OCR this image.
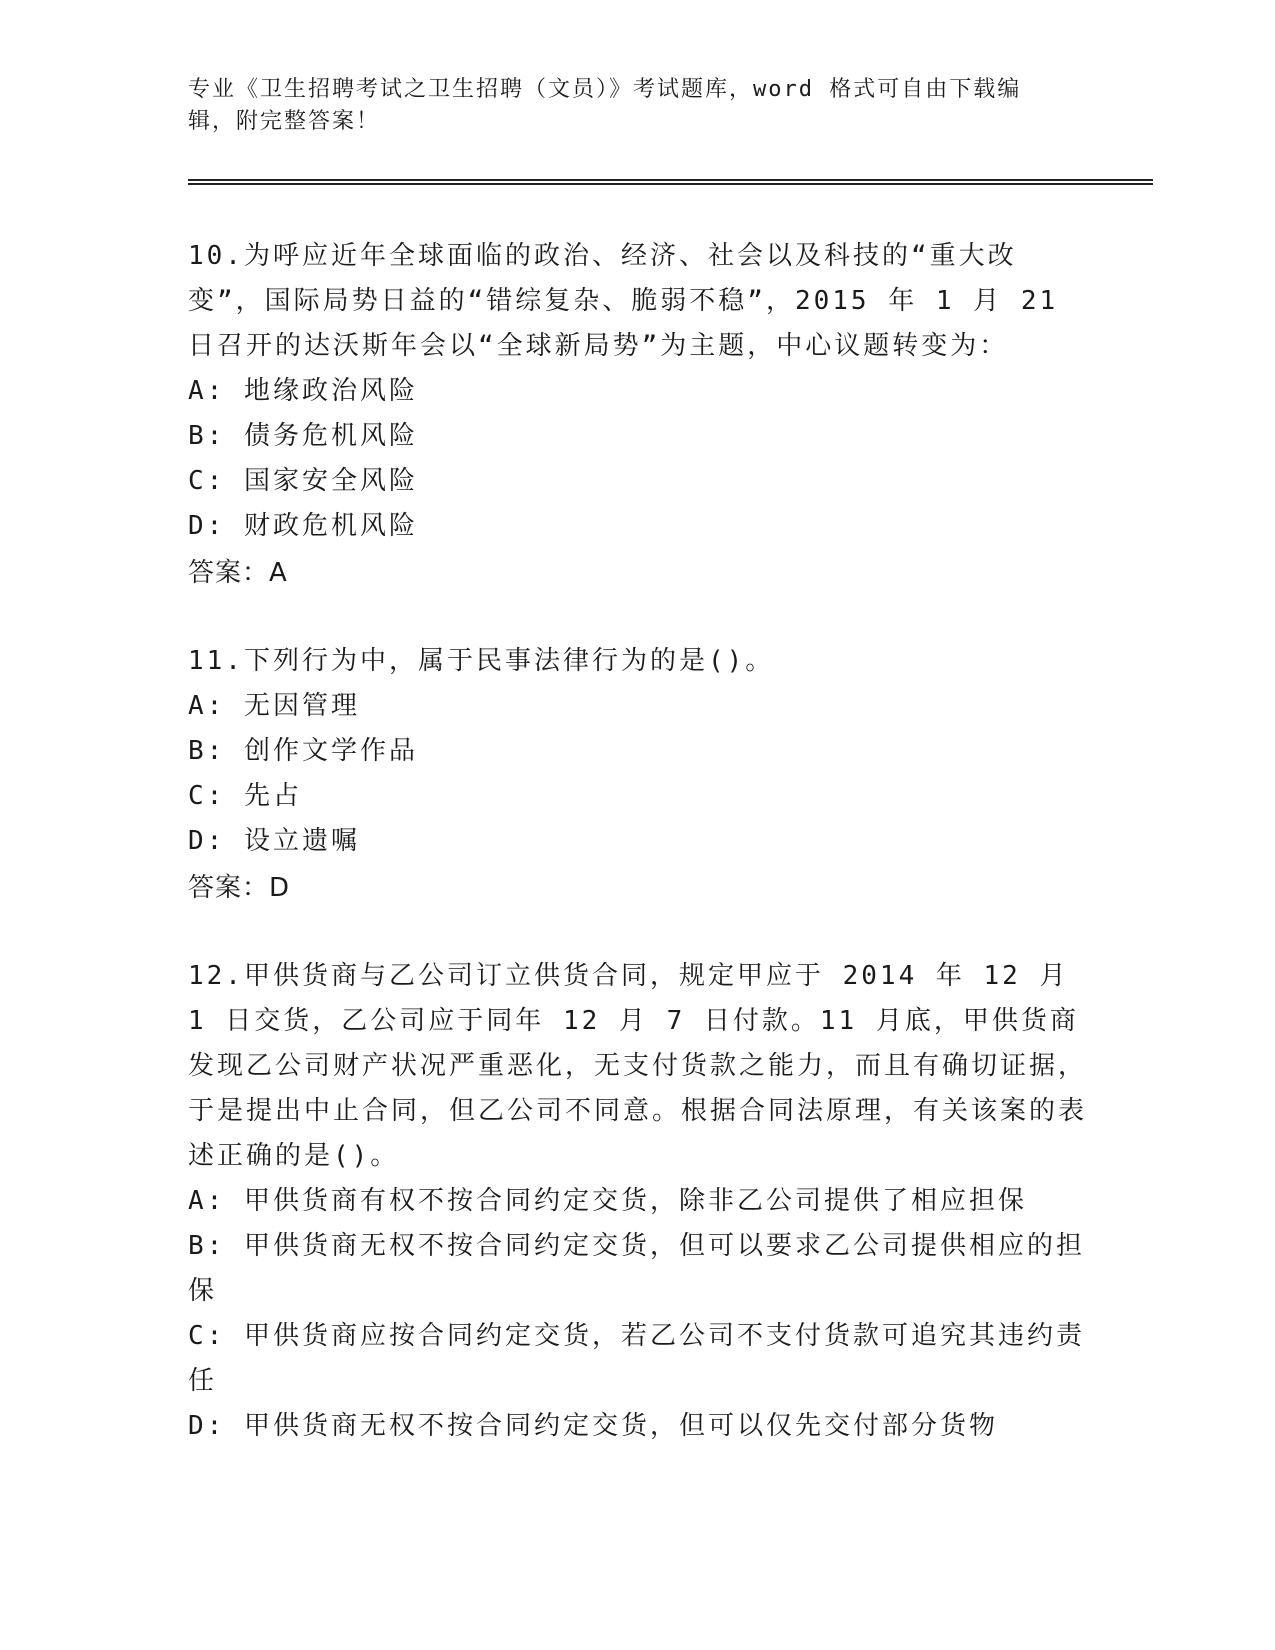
专业《卫生招聘考试之卫生招聘（文员）》考试题库，word 格式可自由下载编辑，附完整答案！
10.为呼应近年全球面临的政治、经济、社会以及科技的“重大改变”，国际局势日益的“错综复杂、脆弱不稳”，2015 年 1 月 21 日召开的达沃斯年会以“全球新局势”为主题，中心议题转变为：
A: 地缘政治风险
B: 债务危机风险
C: 国家安全风险
D: 财政危机风险
答案：A
11.下列行为中，属于民事法律行为的是()。
A: 无因管理
B: 创作文学作品
C: 先占
D: 设立遗嘱
答案：D
12.甲供货商与乙公司订立供货合同，规定甲应于 2014 年 12 月 1 日交货，乙公司应于同年 12 月 7 日付款。11 月底，甲供货商发现乙公司财产状况严重恶化，无支付货款之能力，而且有确切证据，于是提出中止合同，但乙公司不同意。根据合同法原理，有关该案的表述正确的是()。
A: 甲供货商有权不按合同约定交货，除非乙公司提供了相应担保
B: 甲供货商无权不按合同约定交货，但可以要求乙公司提供相应的担保
C: 甲供货商应按合同约定交货，若乙公司不支付货款可追究其违约责任
D: 甲供货商无权不按合同约定交货，但可以仅先交付部分货物
